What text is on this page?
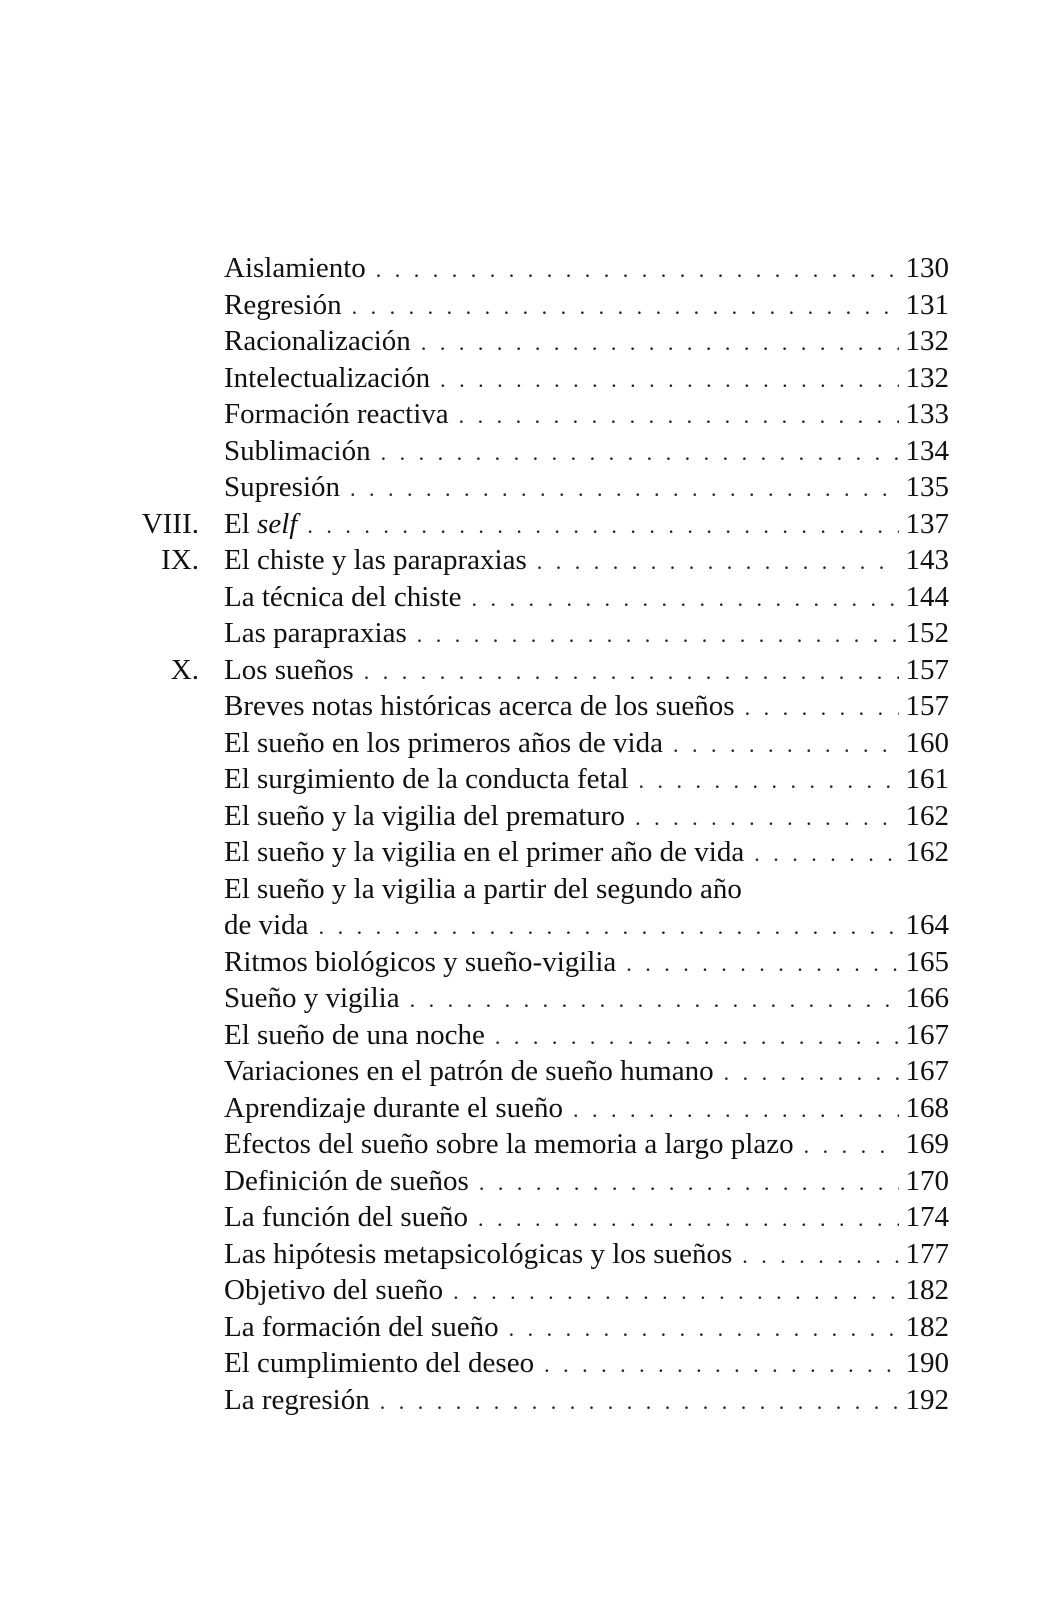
Aislamiento . . .	130
Regresión . . .	131
Racionalización . . .	132
Intelectualización . . .	132
Formación reactiva . . .	133
Sublimación . . .	134
Supresión . . .	135
VIII. El self . . .	137
IX. El chiste y las parapraxias . . .	143
La técnica del chiste . . .	144
Las parapraxias . . .	152
X. Los sueños . . .	157
Breves notas históricas acerca de los sueños . . .	157
El sueño en los primeros años de vida . . .	160
El surgimiento de la conducta fetal . . .	161
El sueño y la vigilia del prematuro . . .	162
El sueño y la vigilia en el primer año de vida . . .	162
El sueño y la vigilia a partir del segundo año
de vida . . .	164
Ritmos biológicos y sueño-vigilia . . .	165
Sueño y vigilia . . .	166
El sueño de una noche . . .	167
Variaciones en el patrón de sueño humano . . .	167
Aprendizaje durante el sueño . . .	168
Efectos del sueño sobre la memoria a largo plazo . . .	169
Definición de sueños . . .	170
La función del sueño . . .	174
Las hipótesis metapsicológicas y los sueños . . .	177
Objetivo del sueño . . .	182
La formación del sueño . . .	182
El cumplimiento del deseo . . .	190
La regresión . . .	192
